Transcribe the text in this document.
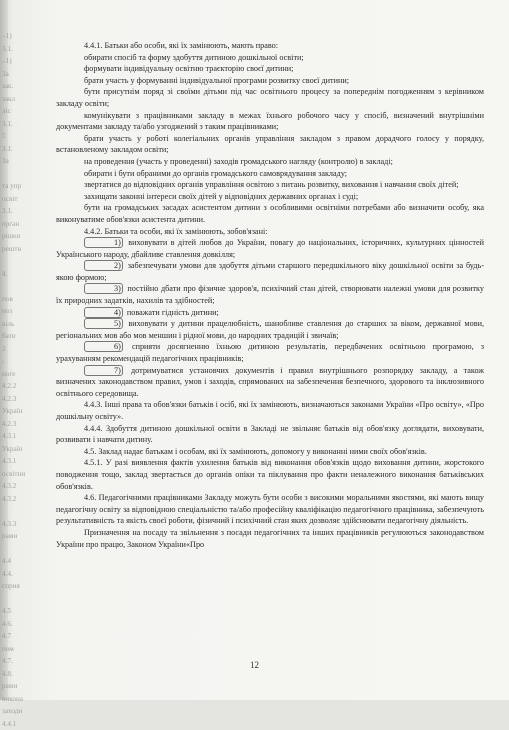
–1)
3.1.
–1)
3а
зак.
закл
ліс
3.1.
5
3.1.
3а
та упр
освіт
3.1.
орган
рішен
рештн
4.
пов
ноз
віль
бати
2
;
ноге
4.2.2
4.2.3
Україн
4.2.3
4.3.1
Україн
4.3.1
освітни
4.3.2
4.3.2
4.3.3
рами
4.4
4.4.
сприя
4.5
4.6.
4.7
пом
4.7.
4.8.
рами
викона
заходи
4.4.1

4.4.1. Батьки або особи, які їх замінюють, мають право:

обирати спосіб та форму здобуття дитиною дошкільної освіти;

формувати індивідуальну освітню траєкторію своєї дитини;

брати участь у формуванні індивідуальної програми розвитку своєї дитини;

бути присутнім поряд зі своїми дітьми під час освітнього процесу за попереднім погодженням з керівником закладу освіти;

комунікувати з працівниками закладу в межах їхнього робочого часу у спосіб, визначений внутрішніми документами закладу та/або узгоджений з таким працівниками;

брати участь у роботі колегіальних органів управління закладом з правом дорадчого голосу у порядку, встановленому закладом освіти;

на проведення (участь у проведенні) заходів громадського нагляду (контролю) в закладі;

обирати і бути обраними до органів громадського самоврядування закладу;

звертатися до відповідних органів управління освітою з питань розвитку, виховання і навчання своїх дітей;

захищати законні інтереси своїх дітей у відповідних державних органах і суді;

бути на громадських засадах асистентом дитини з особливими освітніми потребами або визначити особу, яка виконуватиме обов'язки асистента дитини.

4.4.2. Батьки та особи, які їх замінюють, зобов'язані:

1) виховувати в дітей любов до України, повагу до національних, історичних, культурних цінностей Українського народу, дбайливе ставлення довкілля;

2) забезпечувати умови для здобуття дітьми старшого передшкільного віку дошкільної освіти за будь-якою формою;

3) постійно дбати про фізичне здоров'я, психічний стан дітей, створювати належні умови для розвитку їх природних задатків, нахилів та здібностей;

4) поважати гідність дитини;

5) виховувати у дитини працелюбність, шанобливе ставлення до старших за віком, державної мови, регіональних мов або мов меншин і рідної мови, до народних традицій і звичаїв;

6) сприяти досягненню їхньою дитиною результатів, передбачених освітньою програмою, з урахуванням рекомендацій педагогічних працівників;

7) дотримуватися установчих документів і правил внутрішнього розпорядку закладу, а також визначених законодавством правил, умов і заходів, спрямованих на забезпечення безпечного, здорового та інклюзивного освітнього середовища.

4.4.3. Інші права та обов'язки батьків і осіб, які їх замінюють, визначаються законами України «Про освіту», «Про дошкільну освіту».

4.4.4. Здобуття дитиною дошкільної освіти в Закладі не звільняє батьків від обов'язку доглядати, виховувати, розвивати і навчати дитину.

4.5. Заклад надає батькам і особам, які їх замінюють, допомогу у виконанні ними своїх обов'язків.

4.5.1. У разі виявлення фактів ухилення батьків від виконання обов'язків щодо виховання дитини, жорстокого поводження тощо, заклад звертається до органів опіки та піклування про факти неналежного виконання батьківських обов'язків.

4.6. Педагогічними працівниками Закладу можуть бути особи з високими моральними якостями, які мають вищу педагогічну освіту за відповідною спеціальністю та/або професійну кваліфікацію педагогічного працівника, забезпечують результативність та якість своєї роботи, фізичний і психічний стан яких дозволяє здійснювати педагогічну діяльність.

Призначення на посаду та звільнення з посади педагогічних та інших працівників регулюються законодавством України про працю, Законом України«Про

12
